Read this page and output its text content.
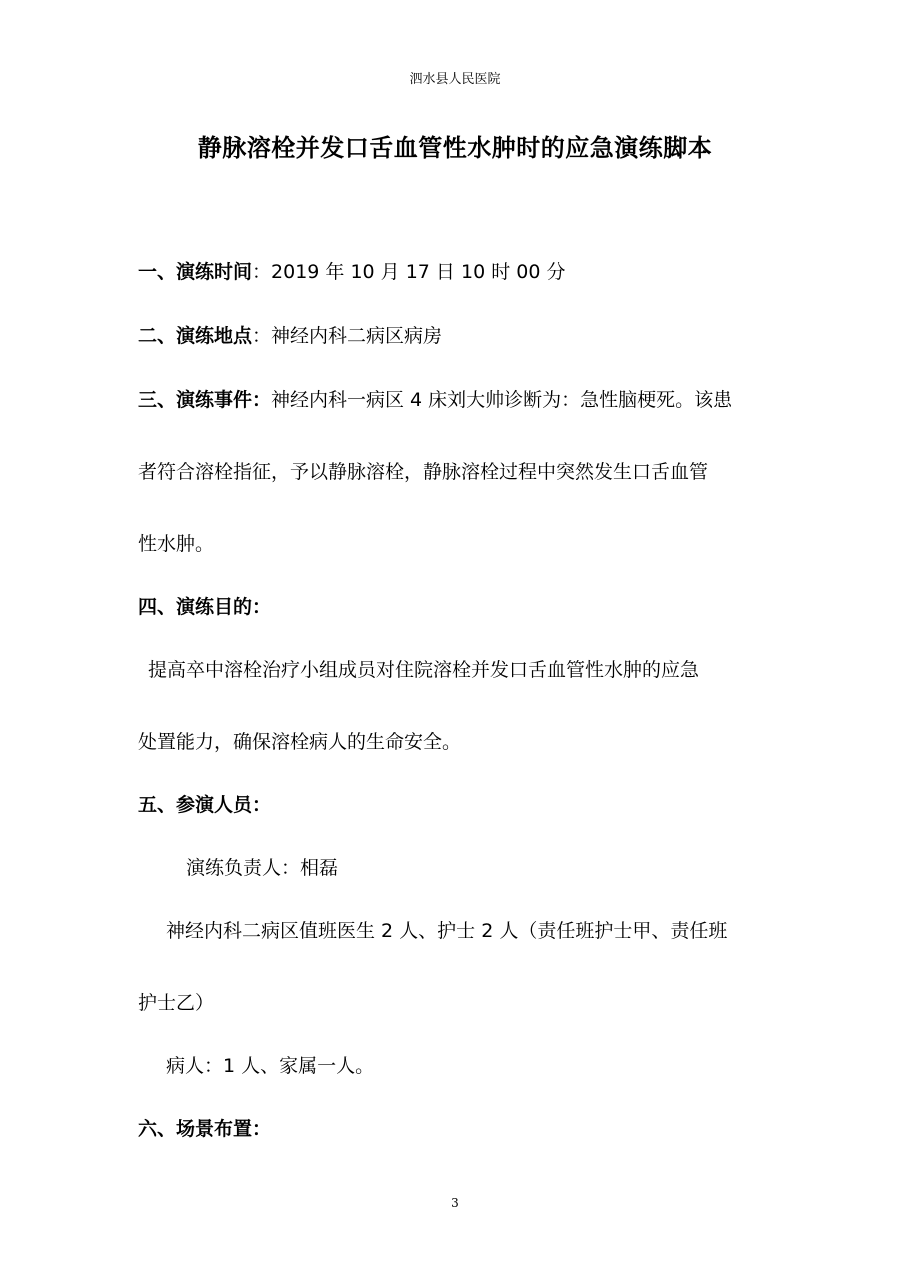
泗水县人民医院
静脉溶栓并发口舌血管性水肿时的应急演练脚本
一、演练时间：2019 年 10 月 17 日 10 时 00 分
二、演练地点：神经内科二病区病房
三、演练事件：神经内科一病区 4 床刘大帅诊断为：急性脑梗死。该患
者符合溶栓指征，予以静脉溶栓，静脉溶栓过程中突然发生口舌血管
性水肿。
四、演练目的：
提高卒中溶栓治疗小组成员对住院溶栓并发口舌血管性水肿的应急
处置能力，确保溶栓病人的生命安全。
五、参演人员：
演练负责人：相磊
神经内科二病区值班医生 2 人、护士 2 人（责任班护士甲、责任班
护士乙）
病人：1 人、家属一人。
六、场景布置：
3
